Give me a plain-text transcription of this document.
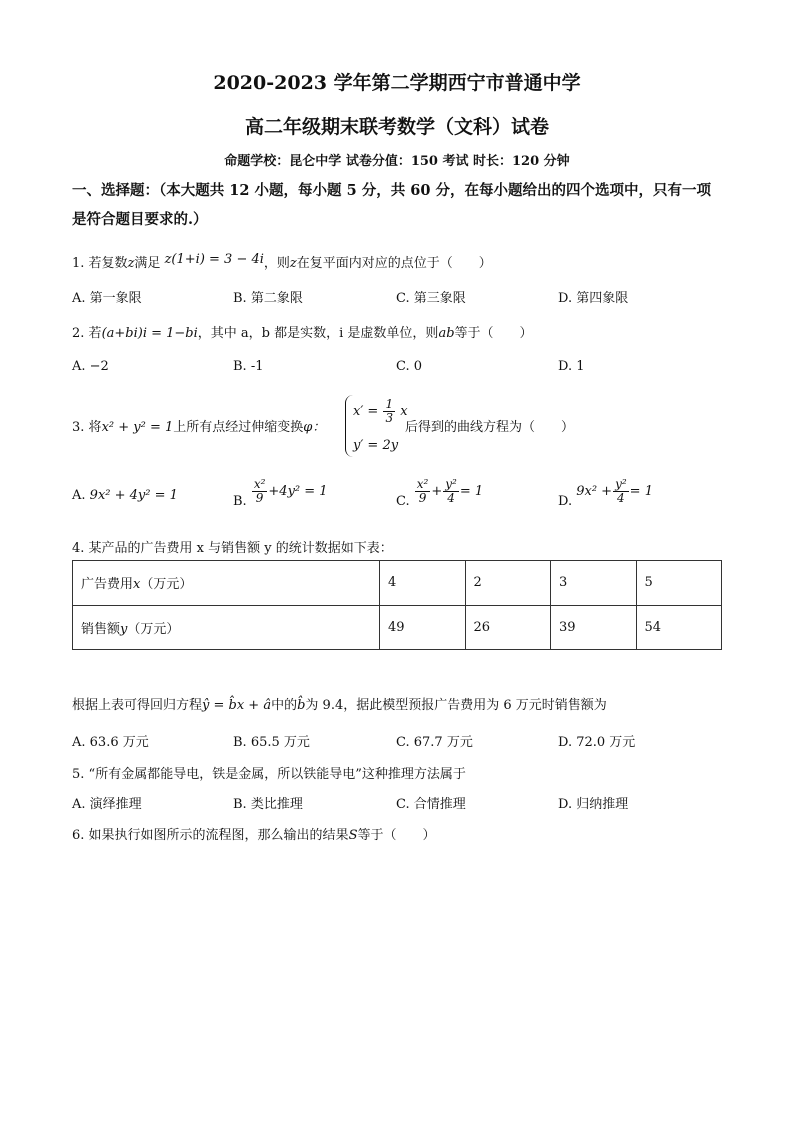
2020-2023 学年第二学期西宁市普通中学
高二年级期末联考数学（文科）试卷
命题学校：昆仑中学 试卷分值：150 考试 时长：120 分钟
一、选择题：（本大题共 12 小题，每小题 5 分，共 60 分，在每小题给出的四个选项中，只有一项是符合题目要求的.）
1. 若复数z满足 z(1+i) = 3 − 4i，则z在复平面内对应的点位于（　　）
A. 第一象限	B. 第二象限	C. 第三象限	D. 第四象限
2. 若(a+bi)i = 1−bi，其中 a，b 都是实数，i 是虚数单位，则ab等于（　　）
A. −2	B. -1	C. 0	D. 1
3. 将x² + y² = 1上所有点经过伸缩变换φ：
$x' = \frac{1}{3}$ x
y′ = 2y
后得到的曲线方程为（　　）
A. 9x² + 4y² = 1	B. $\frac{\text{x²}}{9} +4y^2 = 1$
C. $\frac{\text{x²}}{9} + \frac{\text{y²}}{4} = 1$
D. $9x^2 + \frac{\text{y²}}{4} = 1$
4. 某产品的广告费用 x 与销售额 y 的统计数据如下表：
广告费用x（万元）	4	2	3	5
销售额y（万元）	49	26	39	54
根据上表可得回归方程ŷ = b̂x + â中的b̂为 9.4，据此模型预报广告费用为 6 万元时销售额为
A. 63.6 万元	B. 65.5 万元	C. 67.7 万元	D. 72.0 万元
5. “所有金属都能导电，铁是金属，所以铁能导电”这种推理方法属于
A. 演绎推理	B. 类比推理	C. 合情推理	D. 归纳推理
6. 如果执行如图所示的流程图，那么输出的结果S等于（　　）
